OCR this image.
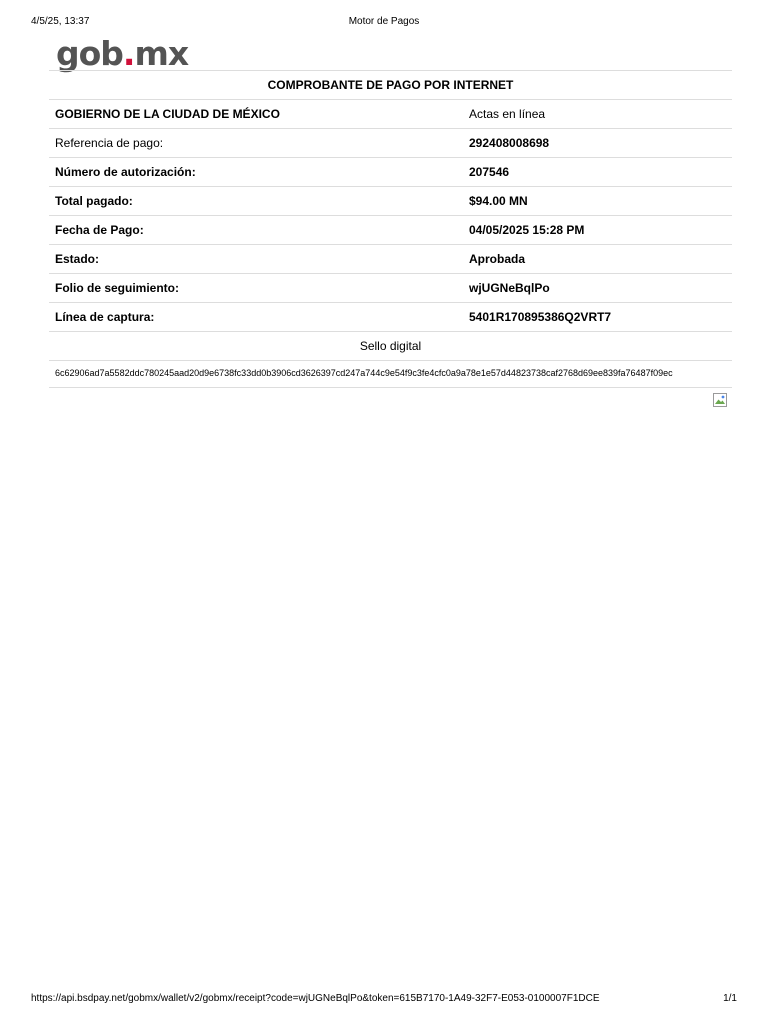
4/5/25, 13:37	Motor de Pagos
gob.mx
COMPROBANTE DE PAGO POR INTERNET
GOBIERNO DE LA CIUDAD DE MÉXICO	Actas en línea
Referencia de pago:	292408008698
Número de autorización:	207546
Total pagado:	$94.00 MN
Fecha de Pago:	04/05/2025 15:28 PM
Estado:	Aprobada
Folio de seguimiento:	wjUGNeBqlPo
Línea de captura:	5401R170895386Q2VRT7
Sello digital
6c62906ad7a5582ddc780245aad20d9e6738fc33dd0b3906cd3626397cd247a744c9e54f9c3fe4cfc0a9a78e1e57d44823738caf2768d69ee839fa76487f09ec
https://api.bsdpay.net/gobmx/wallet/v2/gobmx/receipt?code=wjUGNeBqlPo&token=615B7170-1A49-32F7-E053-0100007F1DCE	1/1
